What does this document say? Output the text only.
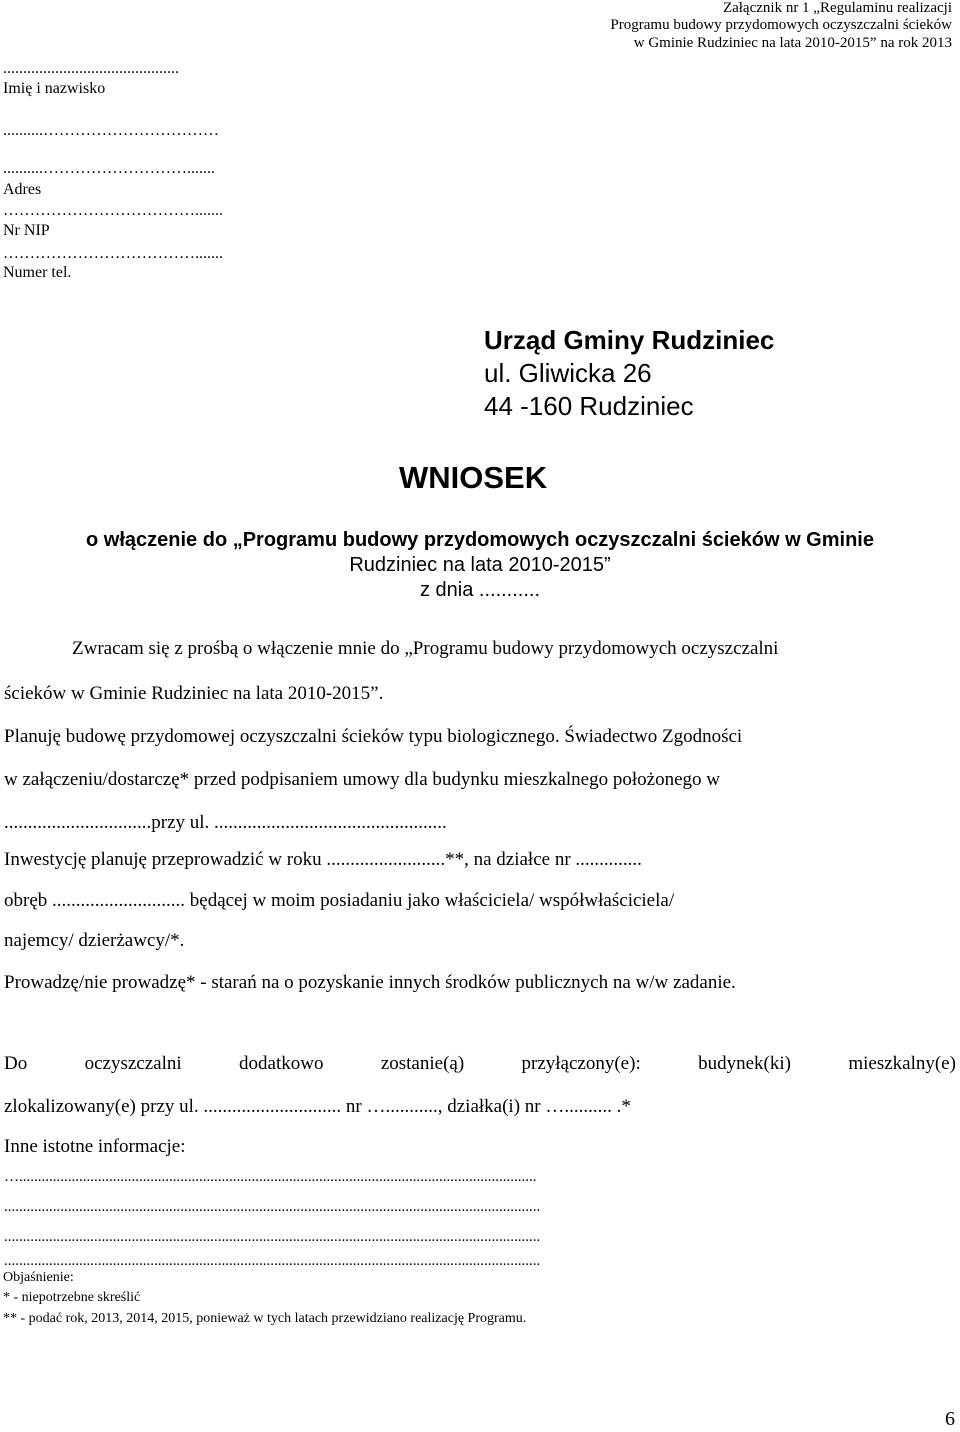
Załącznik nr 1 „Regulaminu realizacji
Programu budowy przydomowych oczyszczalni ścieków
w Gminie Rudziniec na lata 2010-2015” na rok 2013
............................................
Imię i nazwisko
..........……………………………
..........……………………….......
Adres
……………………………….......
Nr NIP
……………………………….......
Numer tel.
Urząd Gminy Rudziniec
ul. Gliwicka 26
44 -160 Rudziniec
WNIOSEK
o włączenie do „Programu budowy przydomowych oczyszczalni ścieków w Gminie
Rudziniec na lata 2010-2015”
z dnia ...........
Zwracam się z prośbą o włączenie mnie do „Programu budowy przydomowych oczyszczalni
ścieków w Gminie Rudziniec na lata 2010-2015”.
Planuję budowę przydomowej oczyszczalni ścieków typu biologicznego. Świadectwo Zgodności
w załączeniu/dostarczę* przed podpisaniem umowy dla budynku mieszkalnego położonego w
...............................przy ul. .................................................
Inwestycję planuję przeprowadzić w roku .........................**, na działce nr ..............
obręb ............................ będącej w moim posiadaniu jako właściciela/ współwłaściciela/
najemcy/ dzierżawcy/*.
Prowadzę/nie prowadzę* - starań na o pozyskanie innych środków publicznych na w/w zadanie.
Do	oczyszczalni	dodatkowo	zostanie(ą)	przyłączony(e):	budynek(ki)	mieszkalny(e)
zlokalizowany(e) przy ul. ............................. nr …..........., działka(i) nr ….......... .*
Inne istotne informacje:
…..........................................................................................................................................
...............................................................................................................................................
...............................................................................................................................................
...............................................................................................................................................
Objaśnienie:
* - niepotrzebne skreślić
** - podać rok, 2013, 2014, 2015, ponieważ w tych latach przewidziano realizację Programu.
6
